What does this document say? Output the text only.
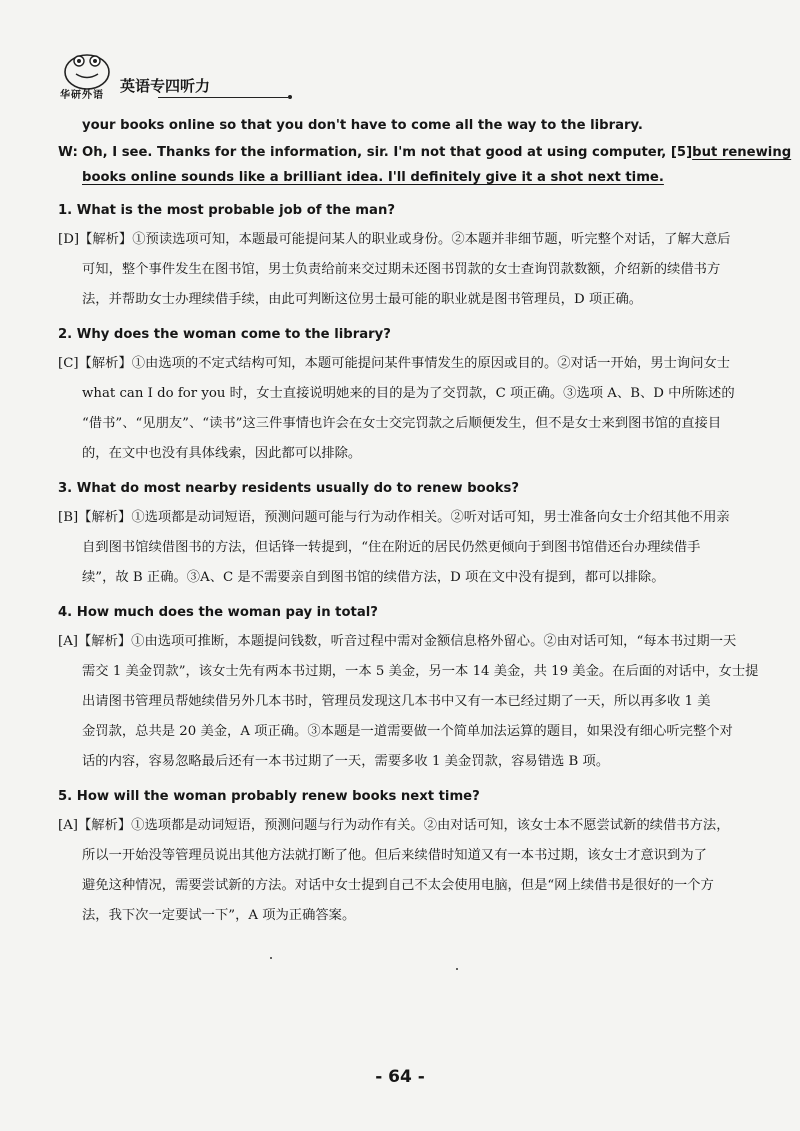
华研外语
英语专四听力
your books online so that you don't have to come all the way to the library.
W: Oh, I see. Thanks for the information, sir. I'm not that good at using computer, [5]but renewing
books online sounds like a brilliant idea. I'll definitely give it a shot next time.
1. What is the most probable job of the man?
[D]【解析】①预读选项可知，本题最可能提问某人的职业或身份。②本题并非细节题，听完整个对话，了解大意后
可知，整个事件发生在图书馆，男士负责给前来交过期未还图书罚款的女士查询罚款数额，介绍新的续借书方
法，并帮助女士办理续借手续，由此可判断这位男士最可能的职业就是图书管理员，D 项正确。
2. Why does the woman come to the library?
[C]【解析】①由选项的不定式结构可知，本题可能提问某件事情发生的原因或目的。②对话一开始，男士询问女士
what can I do for you 时，女士直接说明她来的目的是为了交罚款，C 项正确。③选项 A、B、D 中所陈述的
“借书”、“见朋友”、“读书”这三件事情也许会在女士交完罚款之后顺便发生，但不是女士来到图书馆的直接目
的，在文中也没有具体线索，因此都可以排除。
3. What do most nearby residents usually do to renew books?
[B]【解析】①选项都是动词短语，预测问题可能与行为动作相关。②听对话可知，男士准备向女士介绍其他不用亲
自到图书馆续借图书的方法，但话锋一转提到，“住在附近的居民仍然更倾向于到图书馆借还台办理续借手
续”，故 B 正确。③A、C 是不需要亲自到图书馆的续借方法，D 项在文中没有提到，都可以排除。
4. How much does the woman pay in total?
[A]【解析】①由选项可推断，本题提问钱数，听音过程中需对金额信息格外留心。②由对话可知，“每本书过期一天
需交 1 美金罚款”，该女士先有两本书过期，一本 5 美金，另一本 14 美金，共 19 美金。在后面的对话中，女士提
出请图书管理员帮她续借另外几本书时，管理员发现这几本书中又有一本已经过期了一天，所以再多收 1 美
金罚款，总共是 20 美金，A 项正确。③本题是一道需要做一个简单加法运算的题目，如果没有细心听完整个对
话的内容，容易忽略最后还有一本书过期了一天，需要多收 1 美金罚款，容易错选 B 项。
5. How will the woman probably renew books next time?
[A]【解析】①选项都是动词短语，预测问题与行为动作有关。②由对话可知，该女士本不愿尝试新的续借书方法，
所以一开始没等管理员说出其他方法就打断了他。但后来续借时知道又有一本书过期，该女士才意识到为了
避免这种情况，需要尝试新的方法。对话中女士提到自己不太会使用电脑，但是“网上续借书是很好的一个方
法，我下次一定要试一下”，A 项为正确答案。
- 64 -
